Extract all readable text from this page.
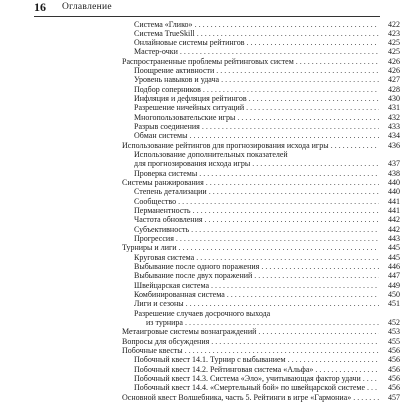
16 Оглавление
Система «Глико» . . .	422
Система TrueSkill . . .	423
Онлайновые системы рейтингов . . .	425
Мастер-очки . . .	425
Распространенные проблемы рейтинговых систем . . .	426
Поощрение активности . . .	426
Уровень навыков и удача . . .	427
Подбор соперников . . .	428
Инфляция и дефляция рейтингов . . .	430
Разрешение ничейных ситуаций . . .	431
Многопользовательские игры . . .	432
Разрыв соединения . . .	433
Обман системы . . .	434
Использование рейтингов для прогнозирования исхода игры . . .	436
Использование дополнительных показателей
для прогнозирования исхода игры . . .	437
Проверка системы . . .	438
Системы ранжирования . . .	440
Степень детализации . . .	440
Сообщество . . .	441
Перманентность . . .	441
Частота обновления . . .	442
Субъективность . . .	442
Прогрессия . . .	443
Турниры и лиги . . .	445
Круговая система . . .	445
Выбывание после одного поражения . . .	446
Выбывание после двух поражений . . .	447
Швейцарская система . . .	449
Комбинированная система . . .	450
Лиги и сезоны . . .	451
Разрешение случаев досрочного выхода
из турнира . . .	452
Метаигровые системы вознаграждений . . .	453
Вопросы для обсуждения . . .	455
Побочные квесты . . .	456
Побочный квест 14.1. Турнир с выбыванием . . .	456
Побочный квест 14.2. Рейтинговая система «Альфа» . . .	456
Побочный квест 14.3. Система «Эло», учитывающая фактор удачи . . .	456
Побочный квест 14.4. «Смертельный бой» по швейцарской системе . . .	456
Основной квест Волшебника, часть 5. Рейтинги в игре «Гармониа» . . .	457
